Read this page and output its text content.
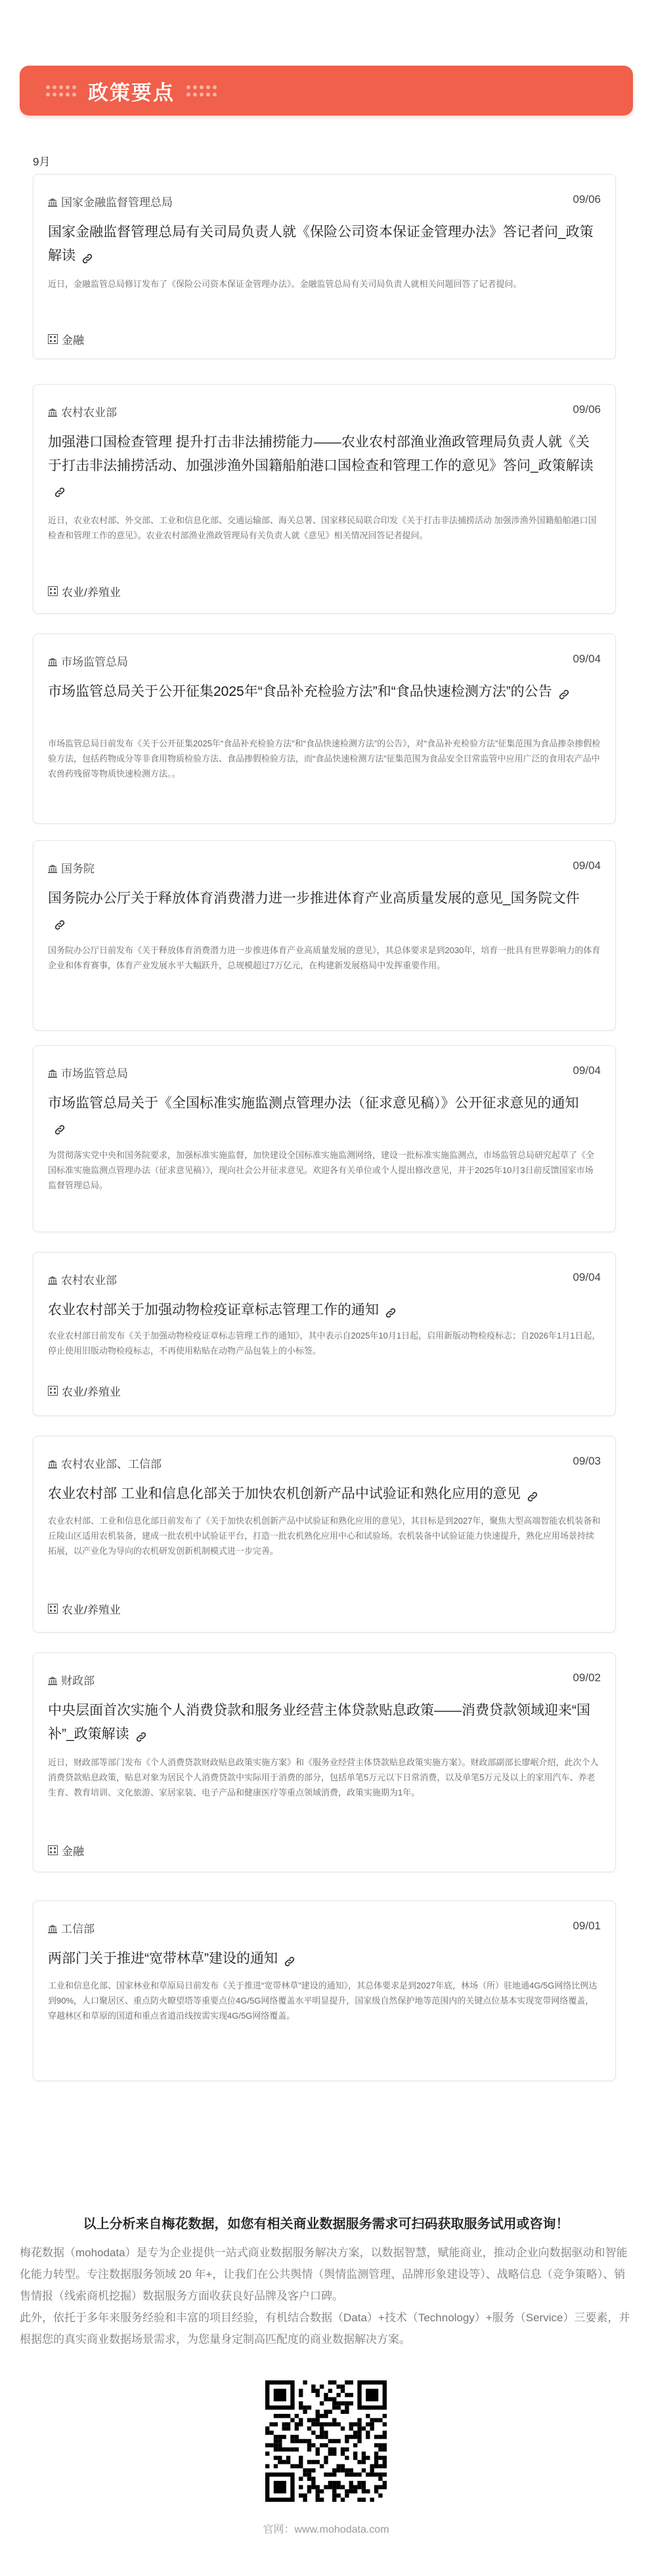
政策要点
9月
国家金融监督管理总局	09/06
国家金融监督管理总局有关司局负责人就《保险公司资本保证金管理办法》答记者问_政策解读
近日，金融监管总局修订发布了《保险公司资本保证金管理办法》。金融监管总局有关司局负责人就相关问题回答了记者提问。
金融
农村农业部	09/06
加强港口国检查管理 提升打击非法捕捞能力——农业农村部渔业渔政管理局负责人就《关于打击非法捕捞活动、加强涉渔外国籍船舶港口国检查和管理工作的意见》答问_政策解读
近日，农业农村部、外交部、工业和信息化部、交通运输部、海关总署、国家移民局联合印发《关于打击非法捕捞活动 加强涉渔外国籍船舶港口国检查和管理工作的意见》。农业农村部渔业渔政管理局有关负责人就《意见》相关情况回答记者提问。
农业/养殖业
市场监管总局	09/04
市场监管总局关于公开征集2025年“食品补充检验方法”和“食品快速检测方法”的公告
市场监管总局日前发布《关于公开征集2025年“食品补充检验方法”和“食品快速检测方法”的公告》，对“食品补充检验方法”征集范围为食品掺杂掺假检验方法，包括药物成分等非食用物质检验方法、食品掺假检验方法，而“食品快速检测方法”征集范围为食品安全日常监管中应用广泛的食用农产品中农兽药残留等物质快速检测方法。。
国务院	09/04
国务院办公厅关于释放体育消费潜力进一步推进体育产业高质量发展的意见_国务院文件
国务院办公厅日前发布《关于释放体育消费潜力进一步推进体育产业高质量发展的意见》，其总体要求是到2030年，培育一批具有世界影响力的体育企业和体育赛事，体育产业发展水平大幅跃升，总规模超过7万亿元，在构建新发展格局中发挥重要作用。
市场监管总局	09/04
市场监管总局关于《全国标准实施监测点管理办法（征求意见稿）》公开征求意见的通知
为贯彻落实党中央和国务院要求，加强标准实施监督，加快建设全国标准实施监测网络，建设一批标准实施监测点，市场监管总局研究起草了《全国标准实施监测点管理办法（征求意见稿）》，现向社会公开征求意见。欢迎各有关单位或个人提出修改意见，并于2025年10月3日前反馈国家市场监督管理总局。
农村农业部	09/04
农业农村部关于加强动物检疫证章标志管理工作的通知
农业农村部日前发布《关于加强动物检疫证章标志管理工作的通知》，其中表示自2025年10月1日起，启用新版动物检疫标志；自2026年1月1日起，停止使用旧版动物检疫标志，不再使用粘贴在动物产品包装上的小标签。
农业/养殖业
农村农业部、工信部	09/03
农业农村部 工业和信息化部关于加快农机创新产品中试验证和熟化应用的意见
农业农村部、工业和信息化部日前发布了《关于加快农机创新产品中试验证和熟化应用的意见》，其目标是到2027年，聚焦大型高端智能农机装备和丘陵山区适用农机装备，建成一批农机中试验证平台，打造一批农机熟化应用中心和试验场。农机装备中试验证能力快速提升，熟化应用场景持续拓展，以产业化为导向的农机研发创新机制模式进一步完善。
农业/养殖业
财政部	09/02
中央层面首次实施个人消费贷款和服务业经营主体贷款贴息政策——消费贷款领域迎来“国补”_政策解读
近日，财政部等部门发布《个人消费贷款财政贴息政策实施方案》和《服务业经营主体贷款贴息政策实施方案》。财政部副部长廖岷介绍，此次个人消费贷款贴息政策，贴息对象为居民个人消费贷款中实际用于消费的部分，包括单笔5万元以下日常消费，以及单笔5万元及以上的家用汽车、养老生育、教育培训、文化旅游、家居家装、电子产品和健康医疗等重点领域消费，政策实施期为1年。
金融
工信部	09/01
两部门关于推进“宽带林草”建设的通知
工业和信息化部、国家林业和草原局日前发布《关于推进“宽带林草”建设的通知》，其总体要求是到2027年底，林场（所）驻地通4G/5G网络比例达到90%，人口聚居区、重点防火瞭望塔等重要点位4G/5G网络覆盖水平明显提升，国家级自然保护地等范围内的关键点位基本实现宽带网络覆盖，穿越林区和草原的国道和重点省道沿线按需实现4G/5G网络覆盖。
以上分析来自梅花数据，如您有相关商业数据服务需求可扫码获取服务试用或咨询！
梅花数据（mohodata）是专为企业提供一站式商业数据服务解决方案，以数据智慧，赋能商业，推动企业向数据驱动和智能化能力转型。专注数据服务领域 20 年+，让我们在公共舆情（舆情监测管理、品牌形象建设等）、战略信息（竞争策略）、销售情报（线索商机挖掘）数据服务方面收获良好品牌及客户口碑。
此外，依托于多年来服务经验和丰富的项目经验，有机结合数据（Data）+技术（Technology）+服务（Service）三要素，并根据您的真实商业数据场景需求，为您量身定制高匹配度的商业数据解决方案。
官网：www.mohodata.com
